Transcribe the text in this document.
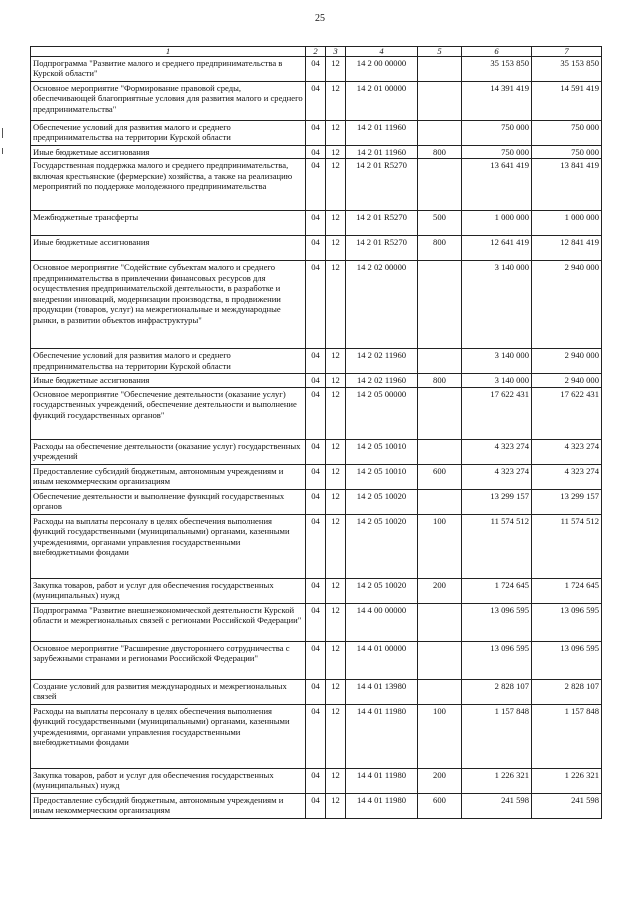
25
1	2	3	4	5	6	7
Подпрограмма "Развитие малого и среднего предпринимательства в Курской области"	04	12	14 2 00 00000		35 153 850	35 153 850
Основное мероприятие "Формирование правовой среды, обеспечивающей благоприятные условия для развития малого и среднего предпринимательства"	04	12	14 2 01 00000		14 391 419	14 591 419
Обеспечение условий для развития малого и среднего предпринимательства на территории Курской области	04	12	14 2 01 11960		750 000	750 000
Иные бюджетные ассигнования	04	12	14 2 01 11960	800	750 000	750 000
Государственная поддержка малого и среднего предпринимательства, включая крестьянские (фермерские) хозяйства, а также на реализацию мероприятий по поддержке молодежного предпринимательства	04	12	14 2 01 R5270		13 641 419	13 841 419
Межбюджетные трансферты	04	12	14 2 01 R5270	500	1 000 000	1 000 000
Иные бюджетные ассигнования	04	12	14 2 01 R5270	800	12 641 419	12 841 419
Основное мероприятие "Содействие субъектам малого и среднего предпринимательства в привлечении финансовых ресурсов для осуществления предпринимательской деятельности, в разработке и внедрении инноваций, модернизации производства, в продвижении продукции (товаров, услуг) на межрегиональные и международные рынки, в развитии объектов инфраструктуры"	04	12	14 2 02 00000		3 140 000	2 940 000
Обеспечение условий для развития малого и среднего предпринимательства на территории Курской области	04	12	14 2 02 11960		3 140 000	2 940 000
Иные бюджетные ассигнования	04	12	14 2 02 11960	800	3 140 000	2 940 000
Основное мероприятие "Обеспечение деятельности (оказание услуг) государственных учреждений, обеспечение деятельности и выполнение функций государственных органов"	04	12	14 2 05 00000		17 622 431	17 622 431
Расходы на обеспечение деятельности (оказание услуг) государственных учреждений	04	12	14 2 05 10010		4 323 274	4 323 274
Предоставление субсидий бюджетным, автономным учреждениям и иным некоммерческим организациям	04	12	14 2 05 10010	600	4 323 274	4 323 274
Обеспечение деятельности и выполнение функций государственных органов	04	12	14 2 05 10020		13 299 157	13 299 157
Расходы на выплаты персоналу в целях обеспечения выполнения функций государственными (муниципальными) органами, казенными учреждениями, органами управления государственными внебюджетными фондами	04	12	14 2 05 10020	100	11 574 512	11 574 512
Закупка товаров, работ и услуг для обеспечения государственных (муниципальных) нужд	04	12	14 2 05 10020	200	1 724 645	1 724 645
Подпрограмма "Развитие внешнеэкономической деятельности Курской области и межрегиональных связей с регионами Российской Федерации"	04	12	14 4 00 00000		13 096 595	13 096 595
Основное мероприятие "Расширение двустороннего сотрудничества с зарубежными странами и регионами Российской Федерации"	04	12	14 4 01 00000		13 096 595	13 096 595
Создание условий для развития международных и межрегиональных связей	04	12	14 4 01 13980		2 828 107	2 828 107
Расходы на выплаты персоналу в целях обеспечения выполнения функций государственными (муниципальными) органами, казенными учреждениями, органами управления государственными внебюджетными фондами	04	12	14 4 01 11980	100	1 157 848	1 157 848
Закупка товаров, работ и услуг для обеспечения государственных (муниципальных) нужд	04	12	14 4 01 11980	200	1 226 321	1 226 321
Предоставление субсидий бюджетным, автономным учреждениям и иным некоммерческим организациям	04	12	14 4 01 11980	600	241 598	241 598
